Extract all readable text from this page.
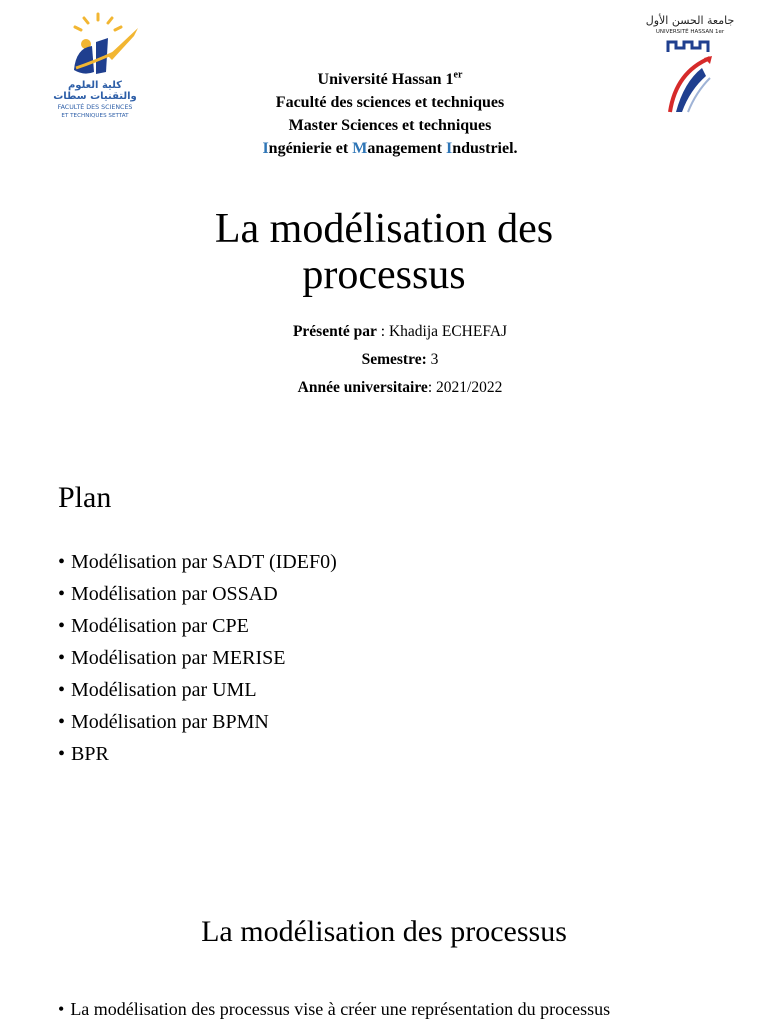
كلية العلوم
والتقنيات سطات
FACULTÉ DES SCIENCES
ET TECHNIQUES SETTAT
جامعة الحسن الأول
UNIVERSITÉ HASSAN 1er
Université Hassan 1er
Faculté des sciences et techniques
Master Sciences et techniques
Ingénierie et Management Industriel.
La modélisation des
processus
Présenté par : Khadija ECHEFAJ
Semestre: 3
Année universitaire: 2021/2022
Plan
• Modélisation par SADT (IDEF0)
• Modélisation par OSSAD
• Modélisation par CPE
• Modélisation par MERISE
• Modélisation par UML
• Modélisation par BPMN
• BPR
La modélisation des processus
• La modélisation des processus vise à créer une représentation du processus
